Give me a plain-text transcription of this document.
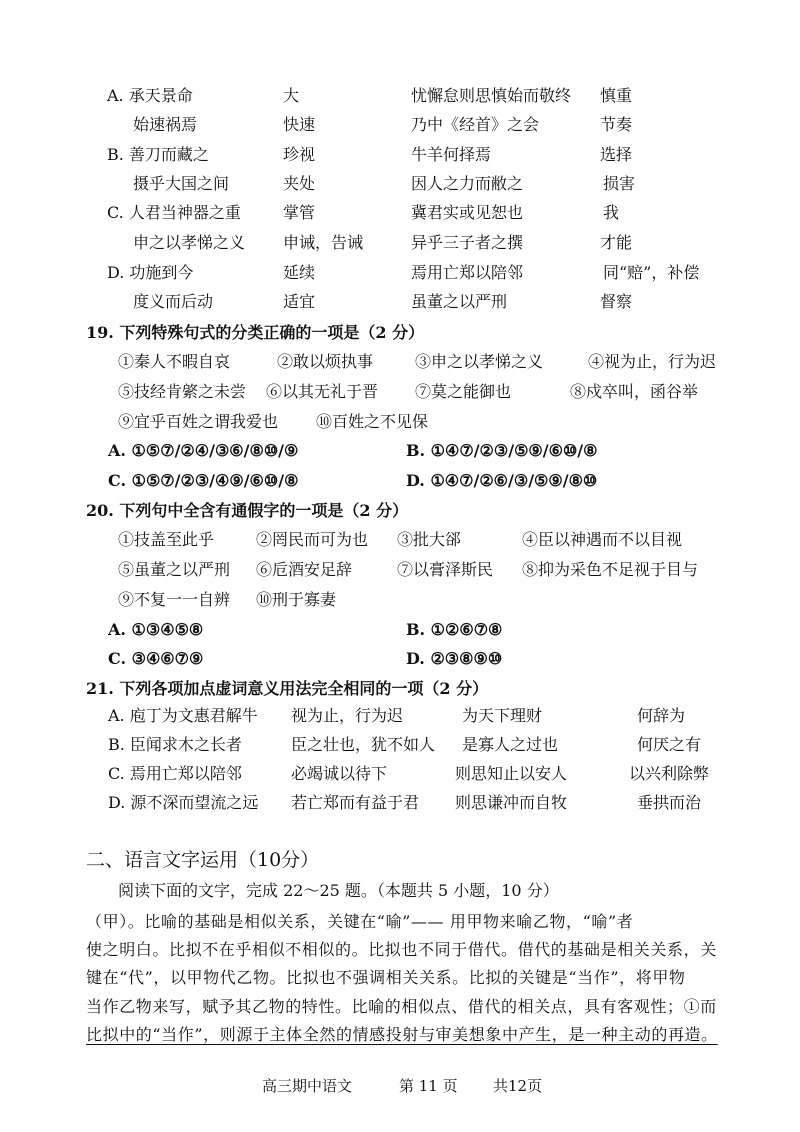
A. 承天景命	大	忧懈怠则思慎始而敬终 慎重
始速祸焉	快速	乃中《经首》之会	节奏
B. 善刀而藏之	珍视	牛羊何择焉	选择
摄乎大国之间	夹处	因人之力而敝之	损害
C. 人君当神器之重	掌管	冀君实或见恕也	我
申之以孝悌之义 申诫，告诫	异乎三子者之撰	才能
D. 功施到今	延续	焉用亡郑以陪邻	同“赔”，补偿
度义而后动	适宜	虽董之以严刑	督察
19. 下列特殊句式的分类正确的一项是（2 分）
①秦人不暇自哀	②敢以烦执事	③申之以孝悌之义	④视为止，行为迟
⑤技经肯綮之未尝 ⑥以其无礼于晋 ⑦莫之能御也	⑧戍卒叫，函谷举
⑨宜乎百姓之谓我爱也 ⑩百姓之不见保
A. ①⑤⑦/②④/③⑥/⑧⑩/⑨	B. ①④⑦/②③/⑤⑨/⑥⑩/⑧
C. ①⑤⑦/②③/④⑨/⑥⑩/⑧	D. ①④⑦/②⑥/③/⑤⑨/⑧⑩
20. 下列句中全含有通假字的一项是（2 分）
①技盖至此乎	②罔民而可为也 ③批大郤	④臣以神遇而不以目视
⑤虽董之以严刑 ⑥卮酒安足辞	⑦以膏泽斯民 ⑧抑为采色不足视于目与
⑨不复一一自辨 ⑩刑于寡妻
A. ①③④⑤⑧	B. ①②⑥⑦⑧
C. ③④⑥⑦⑨	D. ②③⑧⑨⑩
21. 下列各项加点虚词意义用法完全相同的一项（2 分）
A. 庖丁为文惠君解牛 视为止，行为迟	为天下理财	何辞为
B. 臣闻求木之长者	臣之壮也，犹不如人 是寡人之过也	何厌之有
C. 焉用亡郑以陪邻	必竭诚以待下	则思知止以安人	以兴利除弊
D. 源不深而望流之远 若亡郑而有益于君 则思谦冲而自牧	垂拱而治
二、语言文字运用（10分）
阅读下面的文字，完成 22～25 题。（本题共 5 小题，10 分）
（甲）。比喻的基础是相似关系，关键在“喻”—— 用甲物来喻乙物，“喻”者
使之明白。比拟不在乎相似不相似的。比拟也不同于借代。借代的基础是相关关系，关
键在“代”，以甲物代乙物。比拟也不强调相关关系。比拟的关键是“当作”，将甲物
当作乙物来写，赋予其乙物的特性。比喻的相似点、借代的相关点，具有客观性；①而
比拟中的“当作”，则源于主体全然的情感投射与审美想象中产生，是一种主动的再造。
高三期中语文	第 11 页 共12页
